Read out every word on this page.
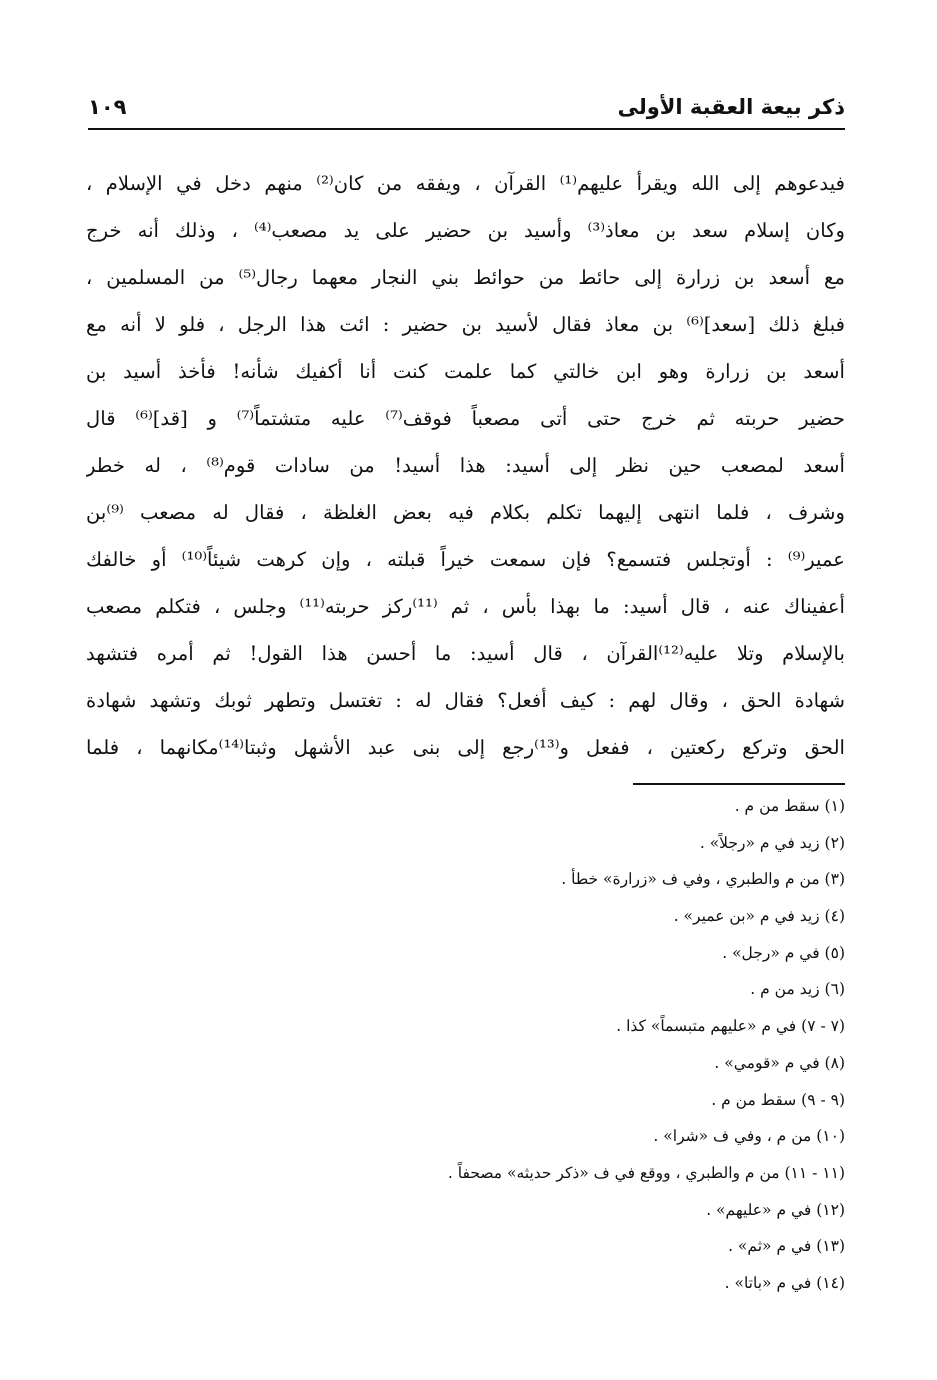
ذكر بيعة العقبة الأولى
١٠٩
فيدعوهم إلى الله ويقرأ عليهم⁽¹⁾ القرآن ، ويفقه من كان⁽²⁾ منهم دخل في الإسلام ،
وكان إسلام سعد بن معاذ⁽³⁾ وأسيد بن حضير على يد مصعب⁽⁴⁾ ، وذلك أنه خرج
مع أسعد بن زرارة إلى حائط من حوائط بني النجار معهما رجال⁽⁵⁾ من المسلمين ،
فبلغ ذلك [سعد]⁽⁶⁾ بن معاذ فقال لأسيد بن حضير : ائت هذا الرجل ، فلو لا أنه مع
أسعد بن زرارة وهو ابن خالتي كما علمت كنت أنا أكفيك شأنه! فأخذ أسيد بن
حضير حربته ثم خرج حتى أتى مصعباً فوقف⁽⁷⁾ عليه متشتماً⁽⁷⁾ و [قد]⁽⁶⁾ قال
أسعد لمصعب حين نظر إلى أسيد: هذا أسيد! من سادات قوم⁽⁸⁾ ، له خطر
وشرف ، فلما انتهى إليهما تكلم بكلام فيه بعض الغلظة ، فقال له مصعب ⁽⁹⁾بن
عمير⁽⁹⁾ : أوتجلس فتسمع؟ فإن سمعت خيراً قبلته ، وإن كرهت شيئاً⁽¹⁰⁾ أو خالفك
أعفيناك عنه ، قال أسيد: ما بهذا بأس ، ثم ⁽¹¹⁾ركز حربته⁽¹¹⁾ وجلس ، فتكلم مصعب
بالإسلام وتلا عليه⁽¹²⁾القرآن ، قال أسيد: ما أحسن هذا القول! ثم أمره فتشهد
شهادة الحق ، وقال لهم : كيف أفعل؟ فقال له : تغتسل وتطهر ثوبك وتشهد شهادة
الحق وتركع ركعتين ، ففعل و⁽¹³⁾رجع إلى بنى عبد الأشهل وثبتا⁽¹⁴⁾مكانهما ، فلما
(١) سقط من م .
(٢) زيد في م «رجلاً» .
(٣) من م والطبري ، وفي ف «زرارة» خطأ .
(٤) زيد في م «بن عمير» .
(٥) في م «رجل» .
(٦) زيد من م .
(٧ - ٧) في م «عليهم متبسماً» كذا .
(٨) في م «قومي» .
(٩ - ٩) سقط من م .
(١٠) من م ، وفي ف «شرا» .
(١١ - ١١) من م والطبري ، ووقع في ف «ذكر حديثه» مصحفاً .
(١٢) في م «عليهم» .
(١٣) في م «ثم» .
(١٤) في م «باتا» .
